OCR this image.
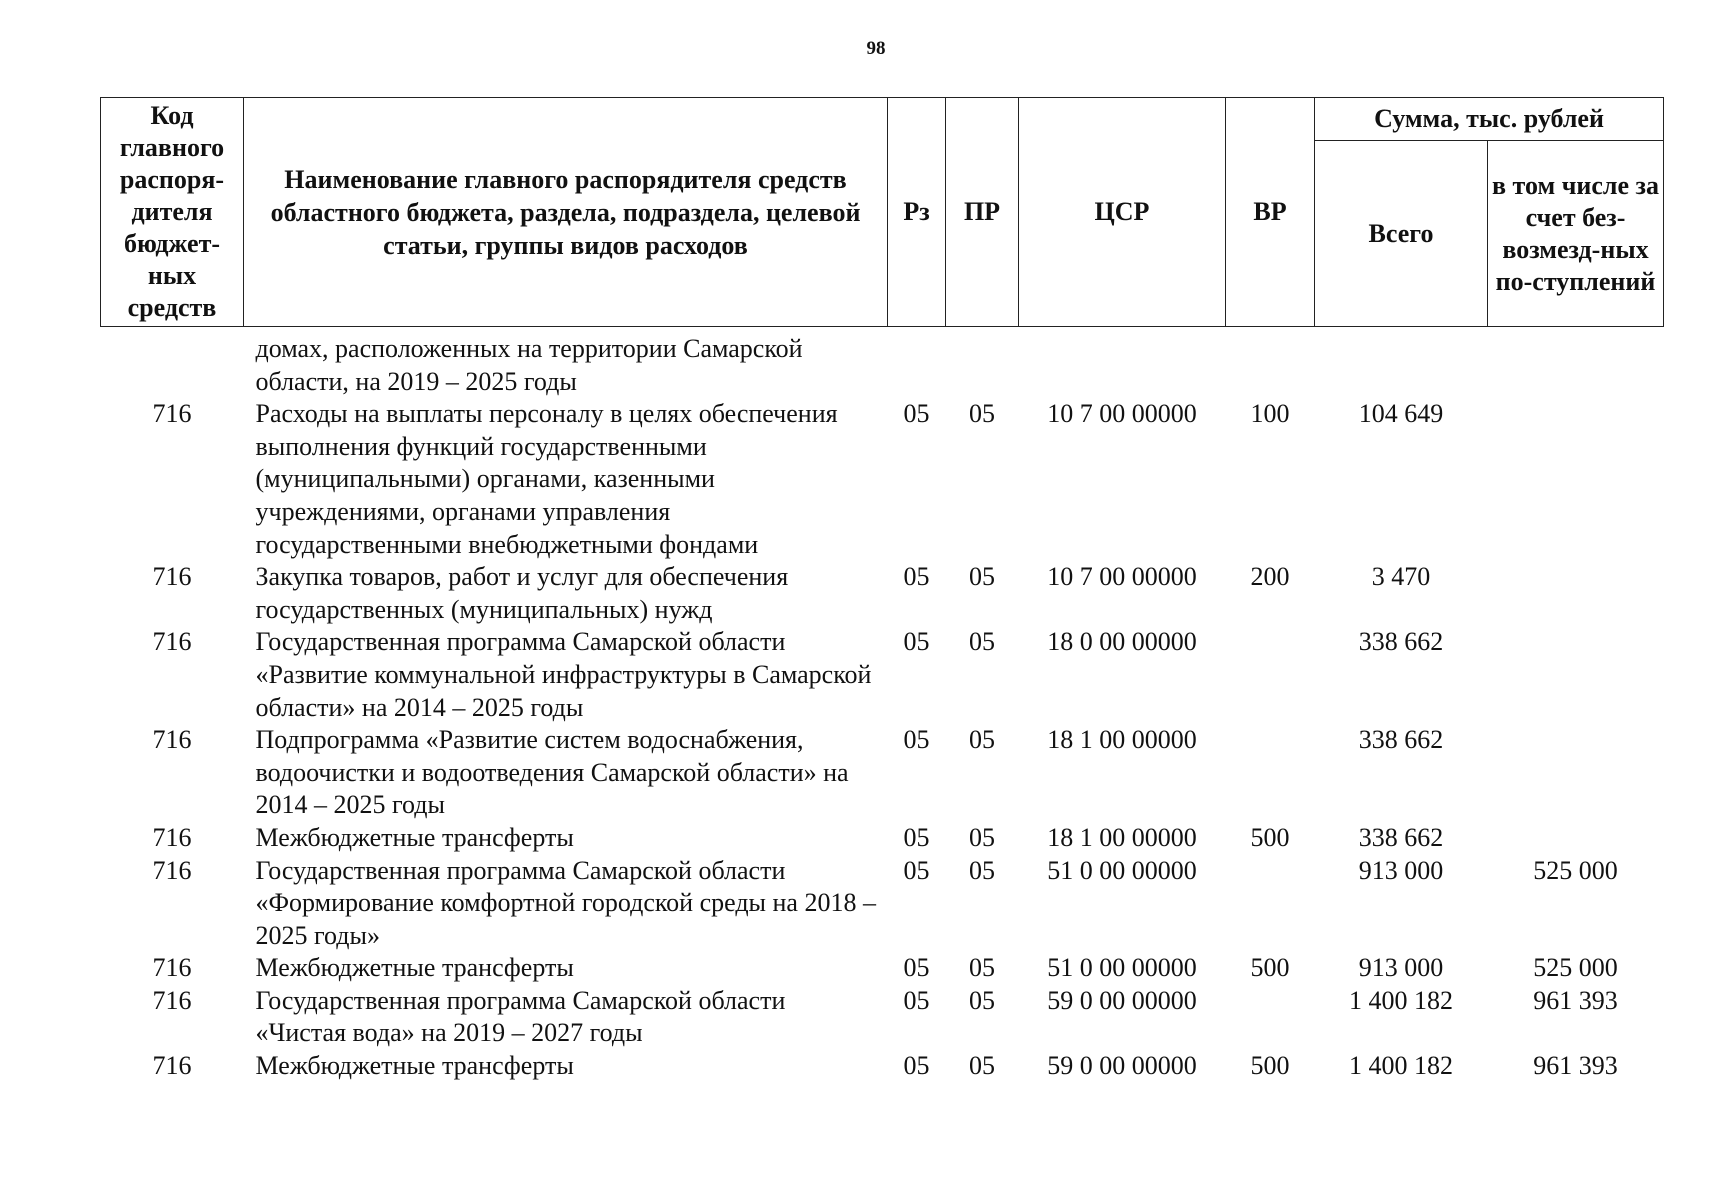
98
Код главного распоря-дителя бюджет-ных средств	Наименование главного распорядителя средств областного бюджета, раздела, подраздела, целевой статьи, группы видов расходов	Рз	ПР	ЦСР	ВР	Сумма, тыс. рублей	
						Всего	в том числе за счет без-возмезд-ных по-ступлений
	домах, расположенных на территории Самарской области, на 2019 – 2025 годы						
716	Расходы на выплаты персоналу в целях обеспечения выполнения функций государственными (муниципальными) органами, казенными учреждениями, органами управления государственными внебюджетными фондами	05	05	10 7 00 00000	100	104 649	
716	Закупка товаров, работ и услуг для обеспечения государственных (муниципальных) нужд	05	05	10 7 00 00000	200	3 470	
716	Государственная программа Самарской области «Развитие коммунальной инфраструктуры в Самарской области» на 2014 – 2025 годы	05	05	18 0 00 00000		338 662	
716	Подпрограмма «Развитие систем водоснабжения, водоочистки и водоотведения Самарской области» на 2014 – 2025 годы	05	05	18 1 00 00000		338 662	
716	Межбюджетные трансферты	05	05	18 1 00 00000	500	338 662	
716	Государственная программа Самарской области «Формирование комфортной городской среды на 2018 – 2025 годы»	05	05	51 0 00 00000		913 000	525 000
716	Межбюджетные трансферты	05	05	51 0 00 00000	500	913 000	525 000
716	Государственная программа Самарской области «Чистая вода» на 2019 – 2027 годы	05	05	59 0 00 00000		1 400 182	961 393
716	Межбюджетные трансферты	05	05	59 0 00 00000	500	1 400 182	961 393
